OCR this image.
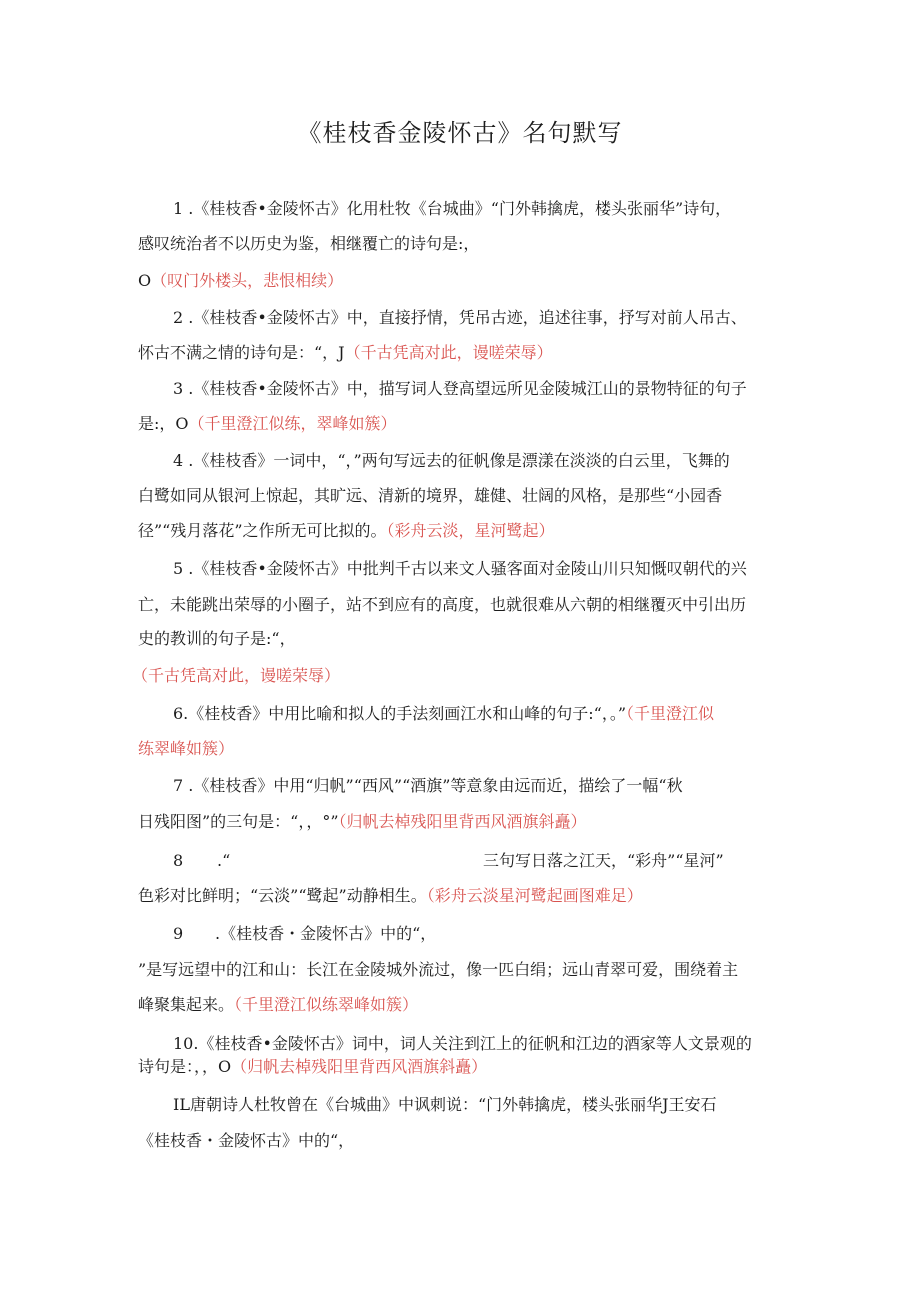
《桂枝香金陵怀古》名句默写
1 .《桂枝香•金陵怀古》化用杜牧《台城曲》“门外韩擒虎，楼头张丽华”诗句，
感叹统治者不以历史为鉴，相继覆亡的诗句是:，
O（叹门外楼头，悲恨相续）
2 .《桂枝香•金陵怀古》中，直接抒情，凭吊古迹，追述往事，抒写对前人吊古、
怀古不满之情的诗句是：“，J（千古凭高对此，谩嗟荣辱）
3 .《桂枝香•金陵怀古》中，描写词人登高望远所见金陵城江山的景物特征的句子
是:，O（千里澄江似练，翠峰如簇）
4 .《桂枝香》一词中，“，”两句写远去的征帆像是漂漾在淡淡的白云里，飞舞的
白鹭如同从银河上惊起，其旷远、清新的境界，雄健、壮阔的风格，是那些“小园香
径”“残月落花”之作所无可比拟的。（彩舟云淡，星河鹭起）
5 .《桂枝香•金陵怀古》中批判千古以来文人骚客面对金陵山川只知慨叹朝代的兴
亡，未能跳出荣辱的小圈子，站不到应有的高度，也就很难从六朝的相继覆灭中引出历
史的教训的句子是:“，
（千古凭高对此，谩嗟荣辱）
6.《桂枝香》中用比喻和拟人的手法刻画江水和山峰的句子:“，。”（千里澄江似
练翠峰如簇）
7 .《桂枝香》中用“归帆”“西风”“酒旗”等意象由远而近，描绘了一幅“秋
日残阳图”的三句是：“，，°”（归帆去棹残阳里背西风酒旗斜矗）
8 .“	三句写日落之江天，“彩舟”“星河”
色彩对比鲜明；“云淡”“鹭起”动静相生。（彩舟云淡星河鹭起画图难足）
9 .《桂枝香・金陵怀古》中的“，
”是写远望中的江和山：长江在金陵城外流过，像一匹白绢；远山青翠可爱，围绕着主
峰聚集起来。（千里澄江似练翠峰如簇）
10.《桂枝香•金陵怀古》词中，词人关注到江上的征帆和江边的酒家等人文景观的
诗句是：，，O（归帆去棹残阳里背西风酒旗斜矗）
IL唐朝诗人杜牧曾在《台城曲》中讽刺说：“门外韩擒虎，楼头张丽华J王安石
《桂枝香・金陵怀古》中的“，
